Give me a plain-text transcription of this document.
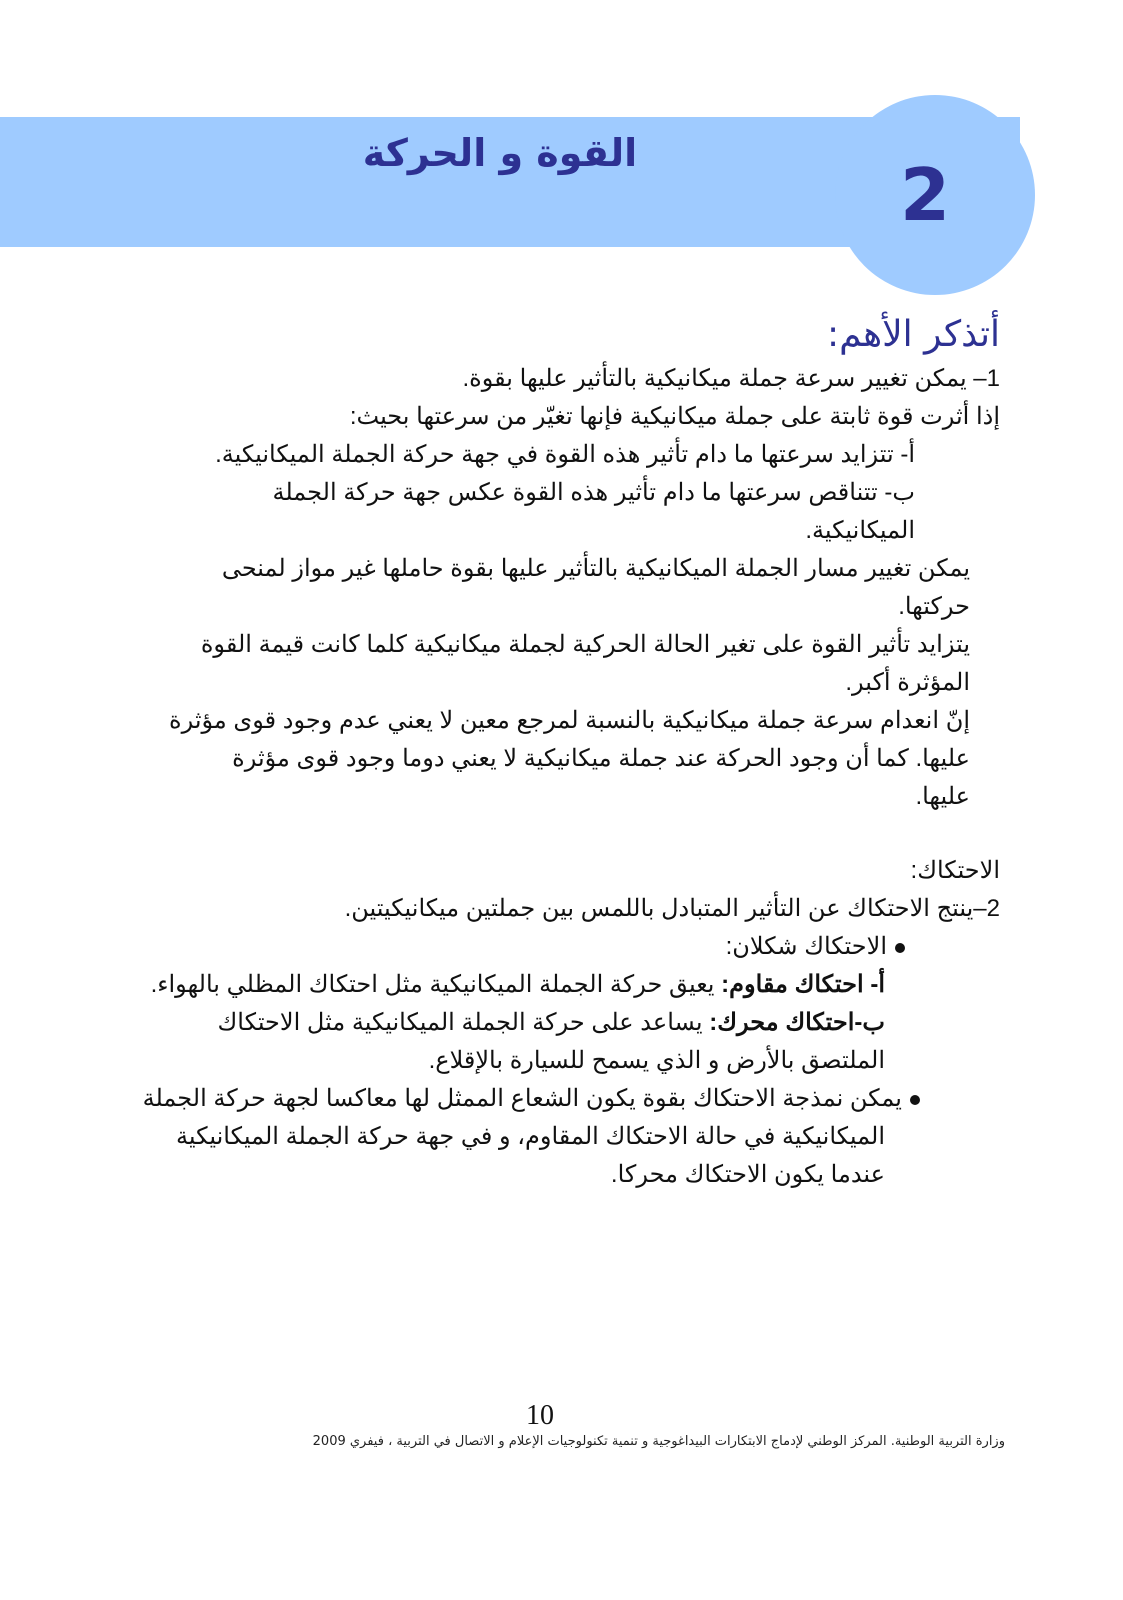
2
القوة و الحركة

أتذكر الأهم:

1– يمكن تغيير سرعة جملة ميكانيكية بالتأثير عليها بقوة.

إذا أثرت قوة ثابتة على جملة ميكانيكية فإنها تغيّر من سرعتها بحيث:

أ- تتزايد سرعتها ما دام تأثير هذه القوة في جهة حركة الجملة الميكانيكية.

ب- تتناقص سرعتها ما دام تأثير هذه القوة عكس جهة حركة الجملة

الميكانيكية.

يمكن تغيير مسار الجملة الميكانيكية بالتأثير عليها بقوة حاملها غير مواز لمنحى

حركتها.

يتزايد تأثير القوة على تغير الحالة الحركية لجملة ميكانيكية كلما كانت قيمة القوة

المؤثرة أكبر.

إنّ انعدام سرعة جملة ميكانيكية بالنسبة لمرجع معين لا يعني عدم وجود قوى مؤثرة

عليها. كما أن وجود الحركة عند جملة ميكانيكية لا يعني دوما وجود قوى مؤثرة

عليها.

الاحتكاك:

2–ينتج الاحتكاك عن التأثير المتبادل باللمس بين جملتين ميكانيكيتين.

الاحتكاك شكلان:

أ- احتكاك مقاوم: يعيق حركة الجملة الميكانيكية مثل احتكاك المظلي بالهواء.

ب-احتكاك محرك: يساعد على حركة الجملة الميكانيكية مثل الاحتكاك

الملتصق بالأرض و الذي يسمح للسيارة بالإقلاع.

يمكن نمذجة الاحتكاك بقوة يكون الشعاع الممثل لها معاكسا لجهة حركة الجملة

الميكانيكية في حالة الاحتكاك المقاوم، و في جهة حركة الجملة الميكانيكية

عندما يكون الاحتكاك محركا.

10
وزارة التربية الوطنية. المركز الوطني لإدماج الابتكارات البيداغوجية و تنمية تكنولوجيات الإعلام و الاتصال في التربية ، فيفري 2009
